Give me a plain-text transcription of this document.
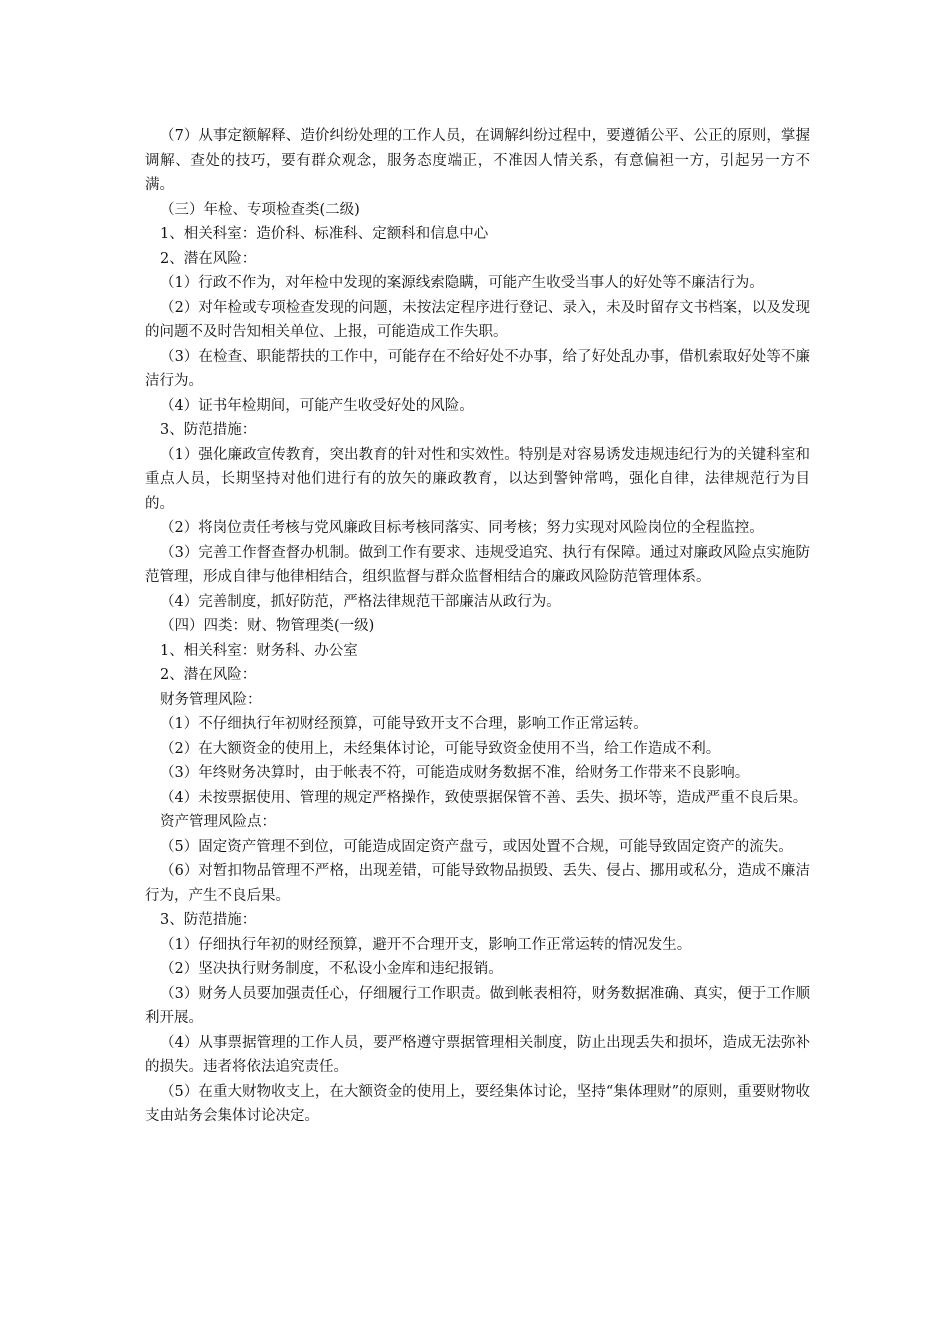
（7）从事定额解释、造价纠纷处理的工作人员，在调解纠纷过程中，要遵循公平、公正的原则，掌握调解、查处的技巧，要有群众观念，服务态度端正，不准因人情关系，有意偏袒一方，引起另一方不满。

（三）年检、专项检查类(二级)

1、相关科室：造价科、标准科、定额科和信息中心

2、潜在风险：

（1）行政不作为，对年检中发现的案源线索隐瞒，可能产生收受当事人的好处等不廉洁行为。

（2）对年检或专项检查发现的问题，未按法定程序进行登记、录入，未及时留存文书档案，以及发现的问题不及时告知相关单位、上报，可能造成工作失职。

（3）在检查、职能帮扶的工作中，可能存在不给好处不办事，给了好处乱办事，借机索取好处等不廉洁行为。

（4）证书年检期间，可能产生收受好处的风险。

3、防范措施：

（1）强化廉政宣传教育，突出教育的针对性和实效性。特别是对容易诱发违规违纪行为的关键科室和重点人员，长期坚持对他们进行有的放矢的廉政教育，以达到警钟常鸣，强化自律，法律规范行为目的。

（2）将岗位责任考核与党风廉政目标考核同落实、同考核；努力实现对风险岗位的全程监控。

（3）完善工作督查督办机制。做到工作有要求、违规受追究、执行有保障。通过对廉政风险点实施防范管理，形成自律与他律相结合，组织监督与群众监督相结合的廉政风险防范管理体系。

（4）完善制度，抓好防范，严格法律规范干部廉洁从政行为。

（四）四类：财、物管理类(一级)

1、相关科室：财务科、办公室

2、潜在风险：

财务管理风险：

（1）不仔细执行年初财经预算，可能导致开支不合理，影响工作正常运转。

（2）在大额资金的使用上，未经集体讨论，可能导致资金使用不当，给工作造成不利。

（3）年终财务决算时，由于帐表不符，可能造成财务数据不准，给财务工作带来不良影响。

（4）未按票据使用、管理的规定严格操作，致使票据保管不善、丢失、损坏等，造成严重不良后果。

资产管理风险点：

（5）固定资产管理不到位，可能造成固定资产盘亏，或因处置不合规，可能导致固定资产的流失。

（6）对暂扣物品管理不严格，出现差错，可能导致物品损毁、丢失、侵占、挪用或私分，造成不廉洁行为，产生不良后果。

3、防范措施：

（1）仔细执行年初的财经预算，避开不合理开支，影响工作正常运转的情况发生。

（2）坚决执行财务制度，不私设小金库和违纪报销。

（3）财务人员要加强责任心，仔细履行工作职责。做到帐表相符，财务数据准确、真实，便于工作顺利开展。

（4）从事票据管理的工作人员，要严格遵守票据管理相关制度，防止出现丢失和损坏，造成无法弥补的损失。违者将依法追究责任。

（5）在重大财物收支上，在大额资金的使用上，要经集体讨论，坚持“集体理财”的原则，重要财物收支由站务会集体讨论决定。
